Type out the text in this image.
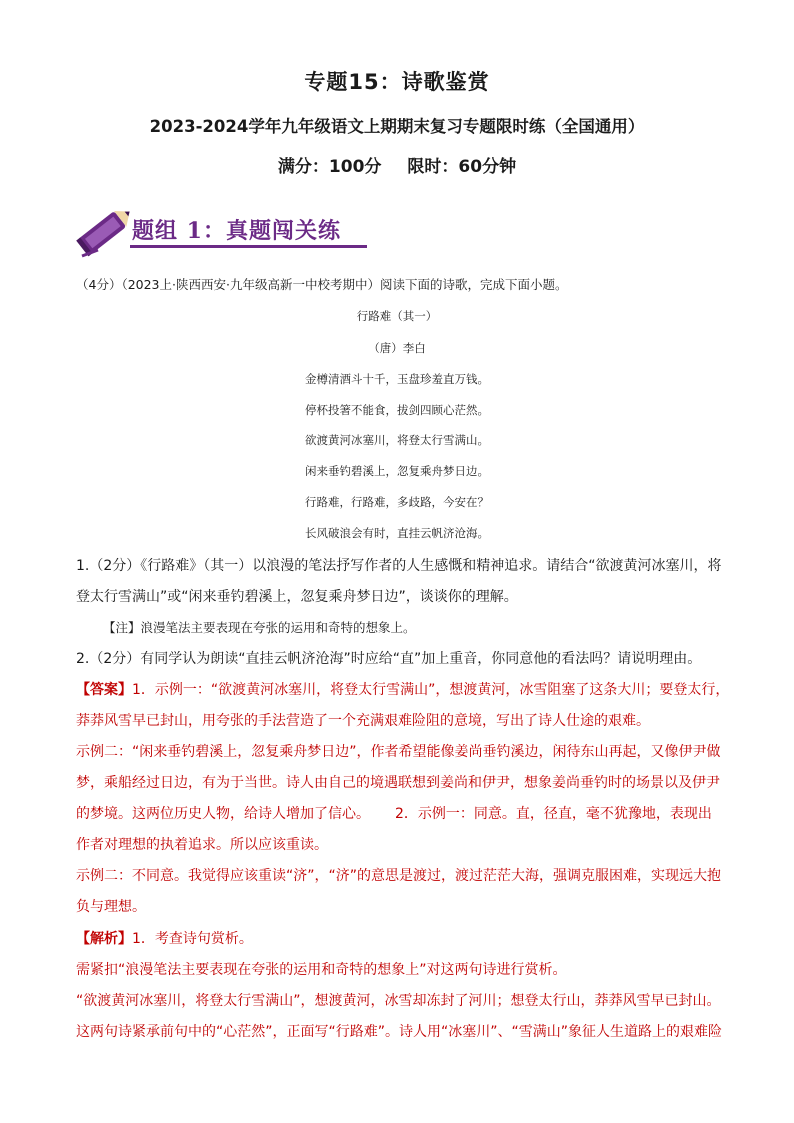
专题15：诗歌鉴赏
2023-2024学年九年级语文上期期末复习专题限时练（全国通用）
满分：100分 限时：60分钟
题组 1：真题闯关练
（4分）（2023上·陕西西安·九年级高新一中校考期中）阅读下面的诗歌，完成下面小题。
行路难（其一）
（唐）李白
金樽清酒斗十千，玉盘珍羞直万钱。
停杯投箸不能食，拔剑四顾心茫然。
欲渡黄河冰塞川，将登太行雪满山。
闲来垂钓碧溪上，忽复乘舟梦日边。
行路难，行路难，多歧路，今安在？
长风破浪会有时，直挂云帆济沧海。
1.（2分）《行路难》（其一）以浪漫的笔法抒写作者的人生感慨和精神追求。请结合“欲渡黄河冰塞川，将
登太行雪满山”或“闲来垂钓碧溪上，忽复乘舟梦日边”，谈谈你的理解。
【注】浪漫笔法主要表现在夸张的运用和奇特的想象上。
2.（2分）有同学认为朗读“直挂云帆济沧海”时应给“直”加上重音，你同意他的看法吗？请说明理由。
【答案】1．示例一：“欲渡黄河冰塞川，将登太行雪满山”，想渡黄河，冰雪阻塞了这条大川；要登太行，
莽莽风雪早已封山，用夸张的手法营造了一个充满艰难险阻的意境，写出了诗人仕途的艰难。
示例二：“闲来垂钓碧溪上，忽复乘舟梦日边”，作者希望能像姜尚垂钓溪边，闲待东山再起，又像伊尹做
梦，乘船经过日边，有为于当世。诗人由自己的境遇联想到姜尚和伊尹，想象姜尚垂钓时的场景以及伊尹
的梦境。这两位历史人物，给诗人增加了信心。 2．示例一：同意。直，径直，毫不犹豫地，表现出
作者对理想的执着追求。所以应该重读。
示例二：不同意。我觉得应该重读“济”，“济”的意思是渡过，渡过茫茫大海，强调克服困难，实现远大抱
负与理想。
【解析】1．考查诗句赏析。
需紧扣“浪漫笔法主要表现在夸张的运用和奇特的想象上”对这两句诗进行赏析。
“欲渡黄河冰塞川，将登太行雪满山”，想渡黄河，冰雪却冻封了河川；想登太行山，莽莽风雪早已封山。
这两句诗紧承前句中的“心茫然”，正面写“行路难”。诗人用“冰塞川”、“雪满山”象征人生道路上的艰难险
